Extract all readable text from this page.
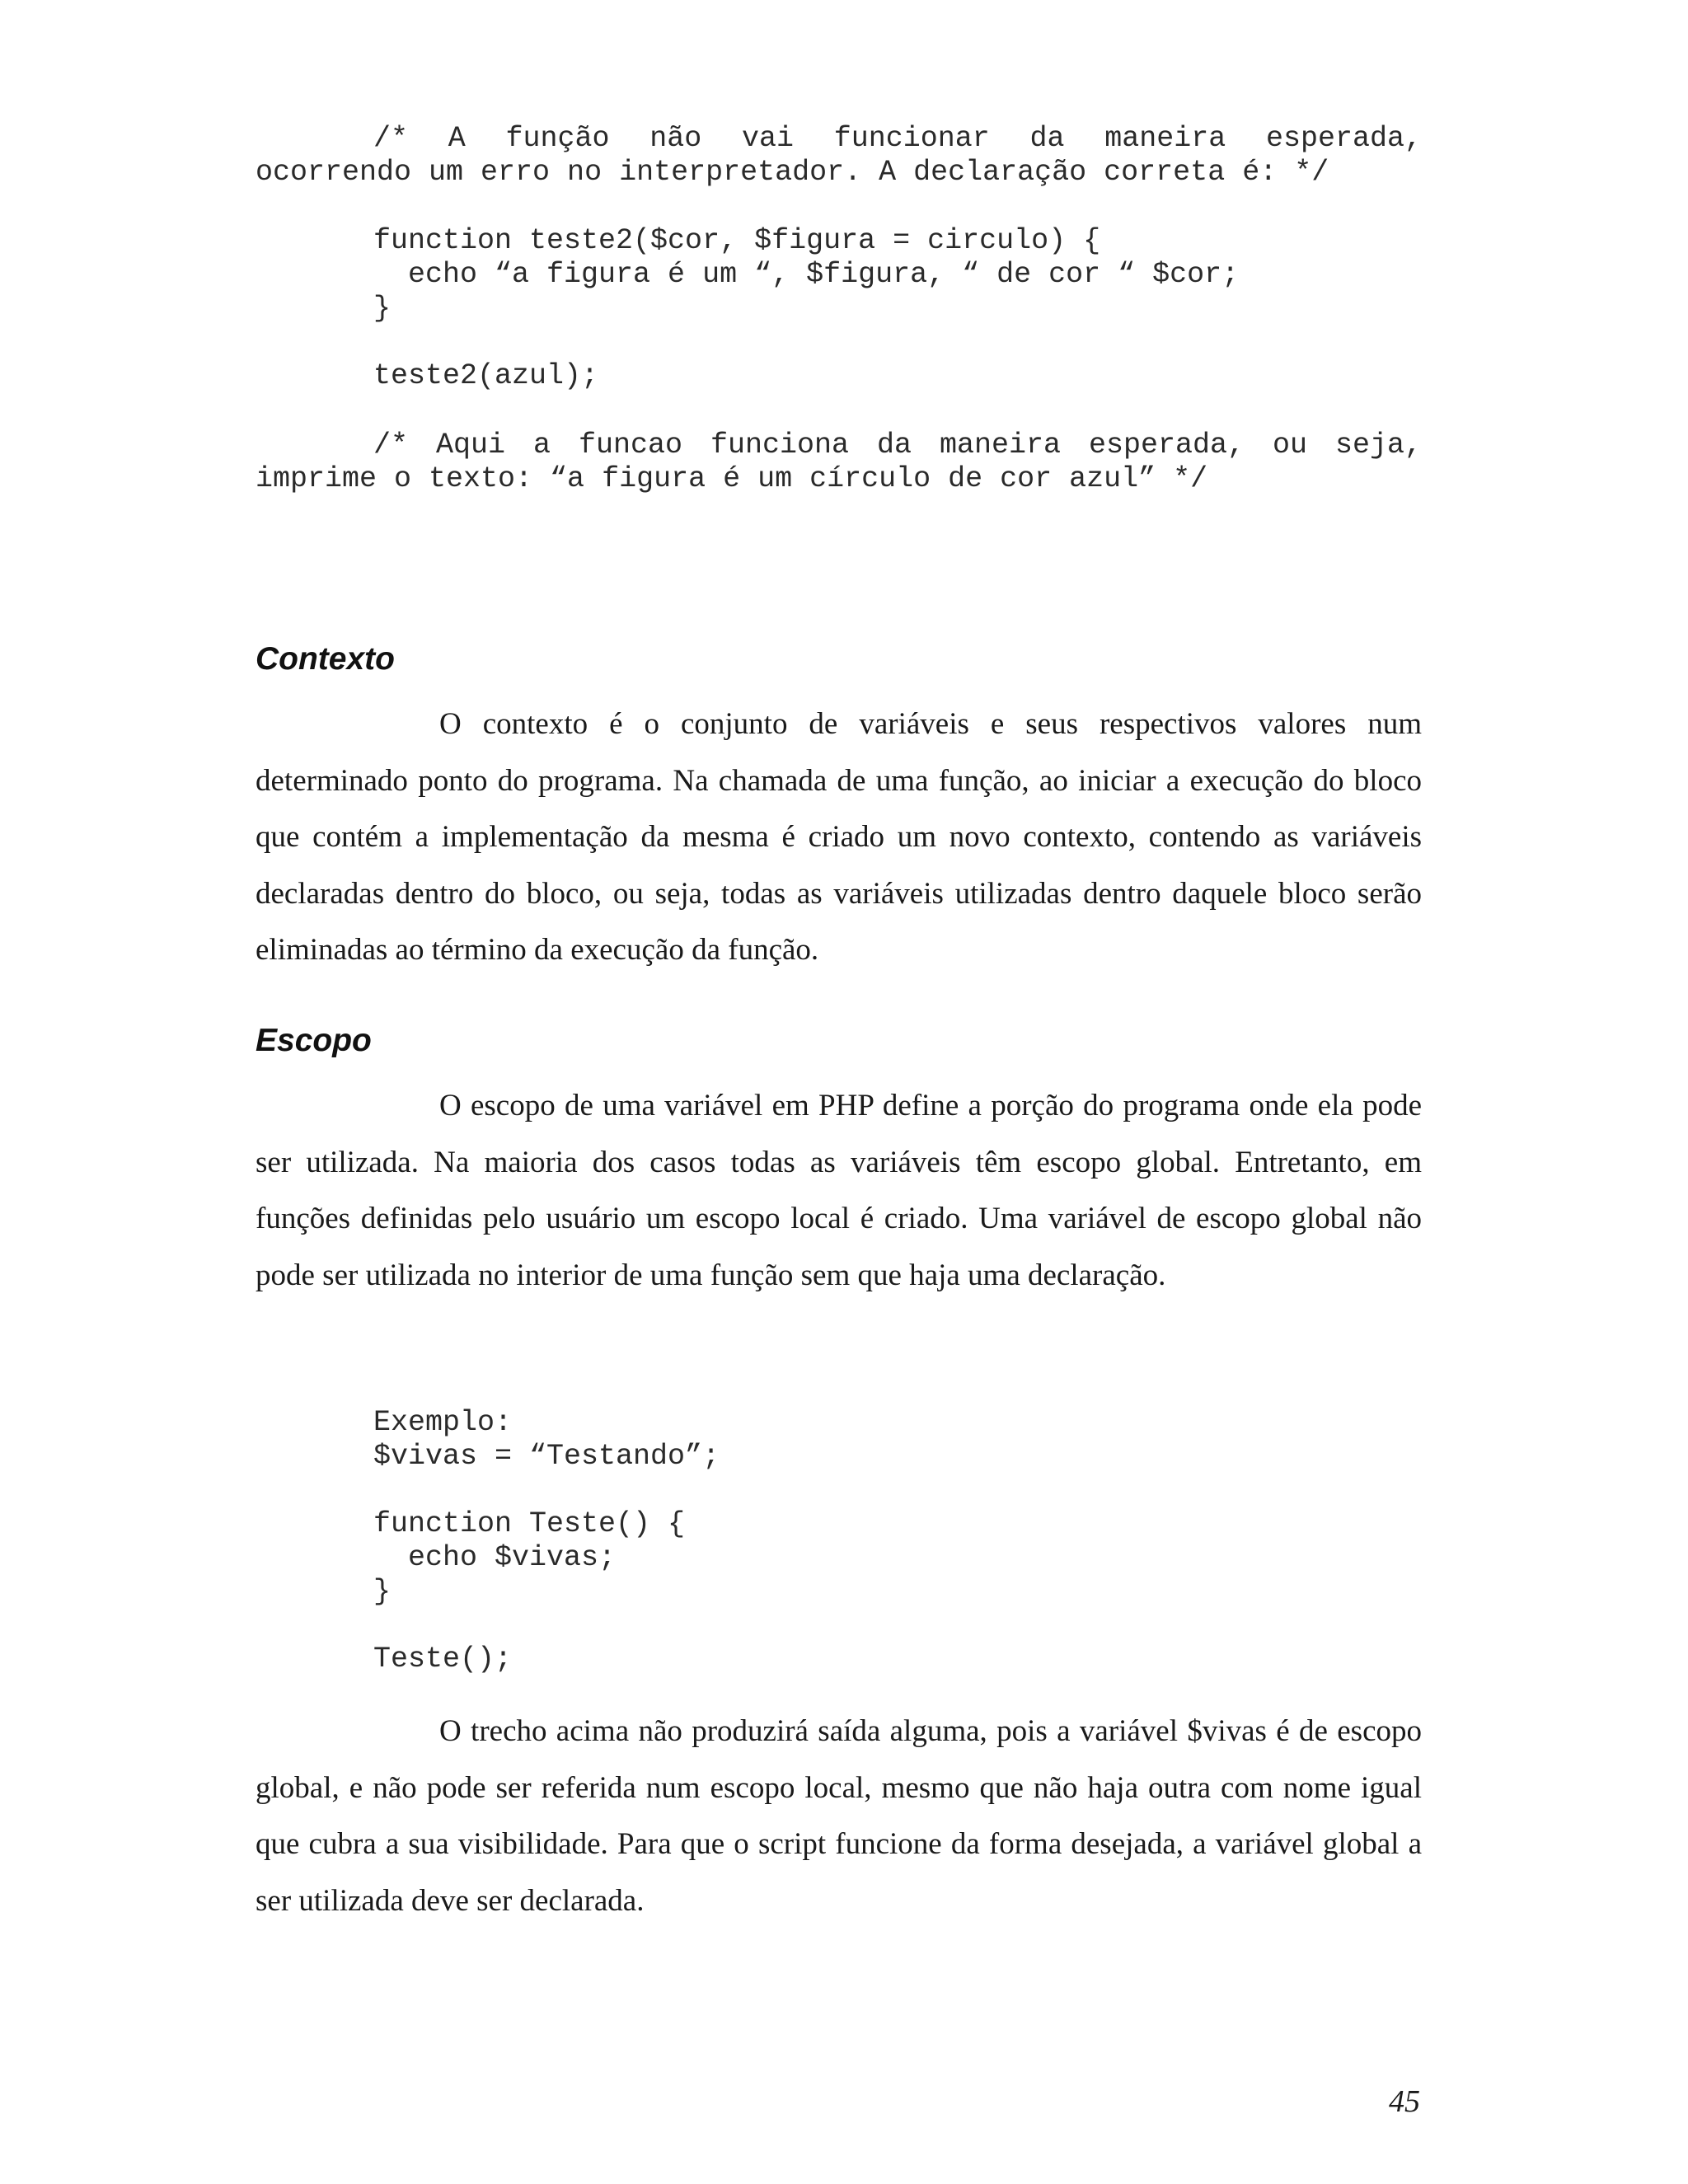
/* A função não vai funcionar da maneira esperada,
ocorrendo um erro no interpretador. A declaração correta é: */
function teste2($cor, $figura = circulo) {
echo “a figura é um “, $figura, “ de cor “ $cor;
}
teste2(azul);
/* Aqui a funcao funciona da maneira esperada, ou seja,
imprime o texto: “a figura é um círculo de cor azul” */
Contexto

O contexto é o conjunto de variáveis e seus respectivos valores num determinado ponto do programa. Na chamada de uma função, ao iniciar a execução do bloco que contém a implementação da mesma é criado um novo contexto, contendo as variáveis declaradas dentro do bloco, ou seja, todas as variáveis utilizadas dentro daquele bloco serão eliminadas ao término da execução da função.

Escopo

O escopo de uma variável em PHP define a porção do programa onde ela pode ser utilizada. Na maioria dos casos todas as variáveis têm escopo global. Entretanto, em funções definidas pelo usuário um escopo local é criado. Uma variável de escopo global não pode ser utilizada no interior de uma função sem que haja uma declaração.

Exemplo:
$vivas = “Testando”;
function Teste() {
echo $vivas;
}
Teste();

O trecho acima não produzirá saída alguma, pois a variável $vivas é de escopo global, e não pode ser referida num escopo local, mesmo que não haja outra com nome igual que cubra a sua visibilidade. Para que o script funcione da forma desejada, a variável global a ser utilizada deve ser declarada.

45
